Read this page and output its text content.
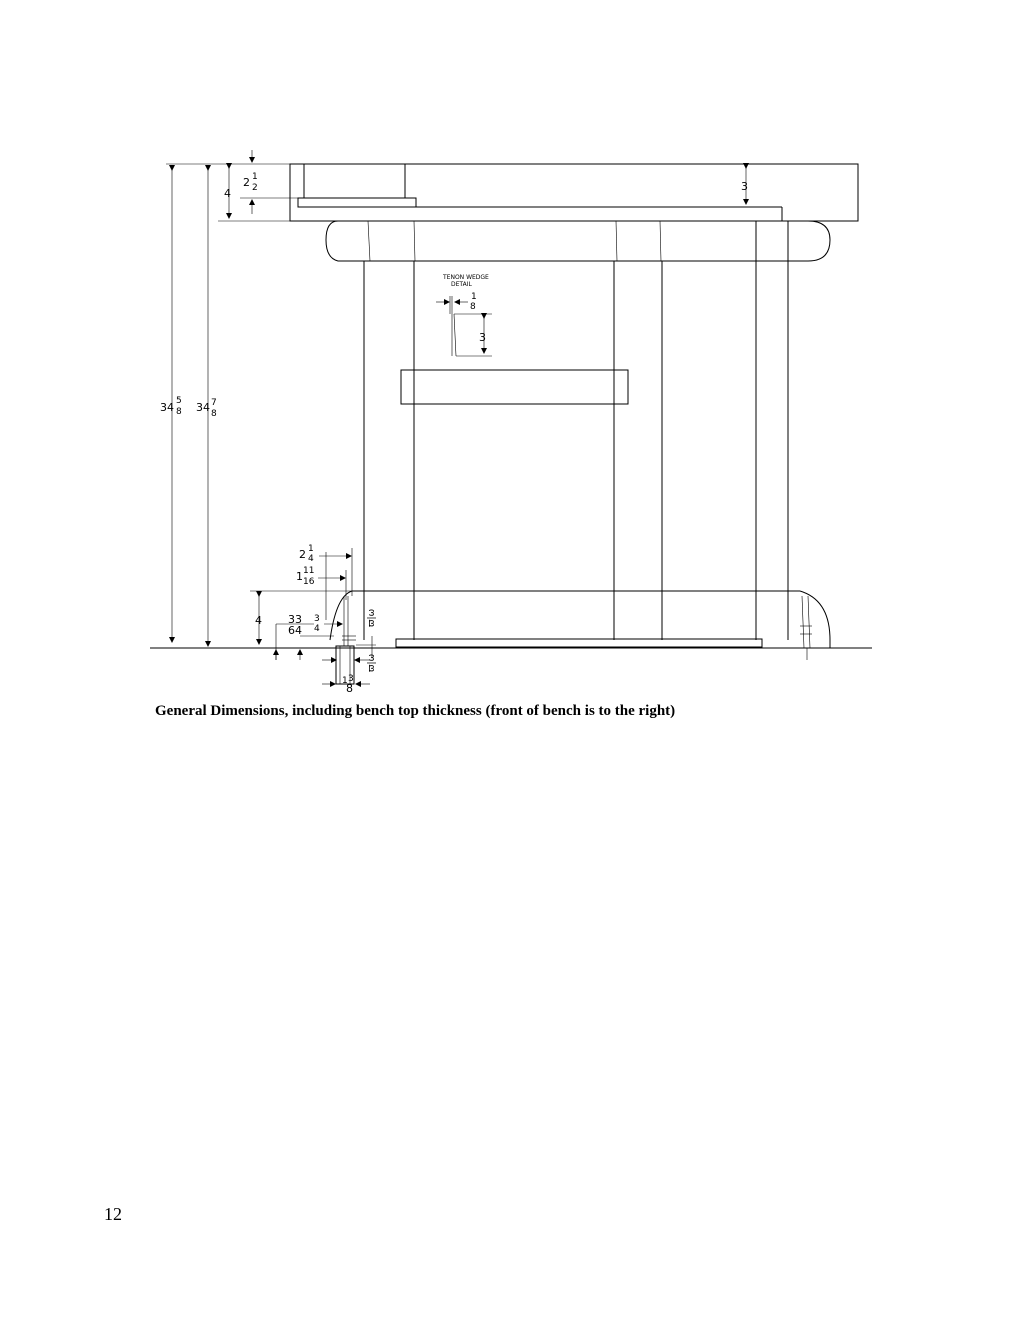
2 1
2
4
3
TENON WEDGE
DETAIL
1
8
3
34 5
8 34 7
8
2 1
4
1 11
16
4 33
64
3
4
1 3
8
ϖ|ω
ϖ|ω
General Dimensions, including bench top thickness (front of bench is to the right)
12
